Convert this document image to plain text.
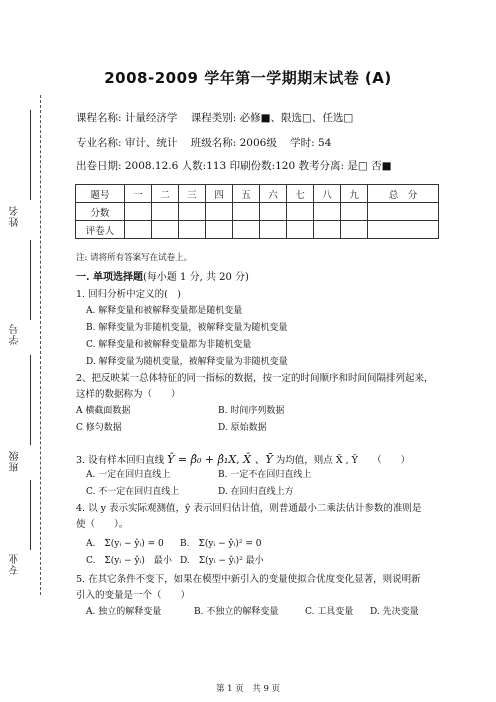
姓名
学号
班级
专业
2008-2009 学年第一学期期末试卷 (A)
课程名称: 计量经济学 课程类别: 必修■、限选□、任选□
专业名称: 审计、统计 班级名称: 2006级 学时: 54
出卷日期: 2008.12.6 人数:113 印刷份数:120 教考分离: 是□ 否■
题号	一	二	三	四	五	六	七	八	九	总　分
分数										
评卷人										
注: 请将所有答案写在试卷上。
一. 单项选择题(每小题 1 分, 共 20 分)
1. 回归分析中定义的(　)
A. 解释变量和被解释变量都是随机变量
B. 解释变量为非随机变量，被解释变量为随机变量
C. 解释变量和被解释变量都为非随机变量
D. 解释变量为随机变量，被解释变量为非随机变量
2、把反映某一总体特征的同一指标的数据，按一定的时间顺序和时间间隔排列起来，
这样的数据称为（　　）
A 横截面数据	B. 时间序列数据
C 修匀数据	D. 原始数据
3. 设有样本回归直线 Ŷ = β̂₀ + β̂₁X, X̄ 、Ȳ 为均值，则点 X̄ , Ȳ　　（　　）
A. 一定在回归直线上	B. 一定不在回归直线上
C. 不一定在回归直线上	D. 在回归直线上方
4. 以 y 表示实际观测值，ŷ 表示回归估计值，则普通最小二乘法估计参数的准则是
使（　　）。
A.　Σ(yᵢ − ŷᵢ) = 0 B.　Σ(yᵢ − ŷᵢ)² = 0
C.　Σ(yᵢ − ŷᵢ)　最小 D.　Σ(yᵢ − ŷᵢ)² 最小
5. 在其它条件不变下，如果在模型中新引入的变量使拟合优度变化显著，则说明新
引入的变量是一个（　　）
A. 独立的解释变量	B. 不独立的解释变量	C. 工具变量 D. 先决变量
第 1 页　共 9 页
